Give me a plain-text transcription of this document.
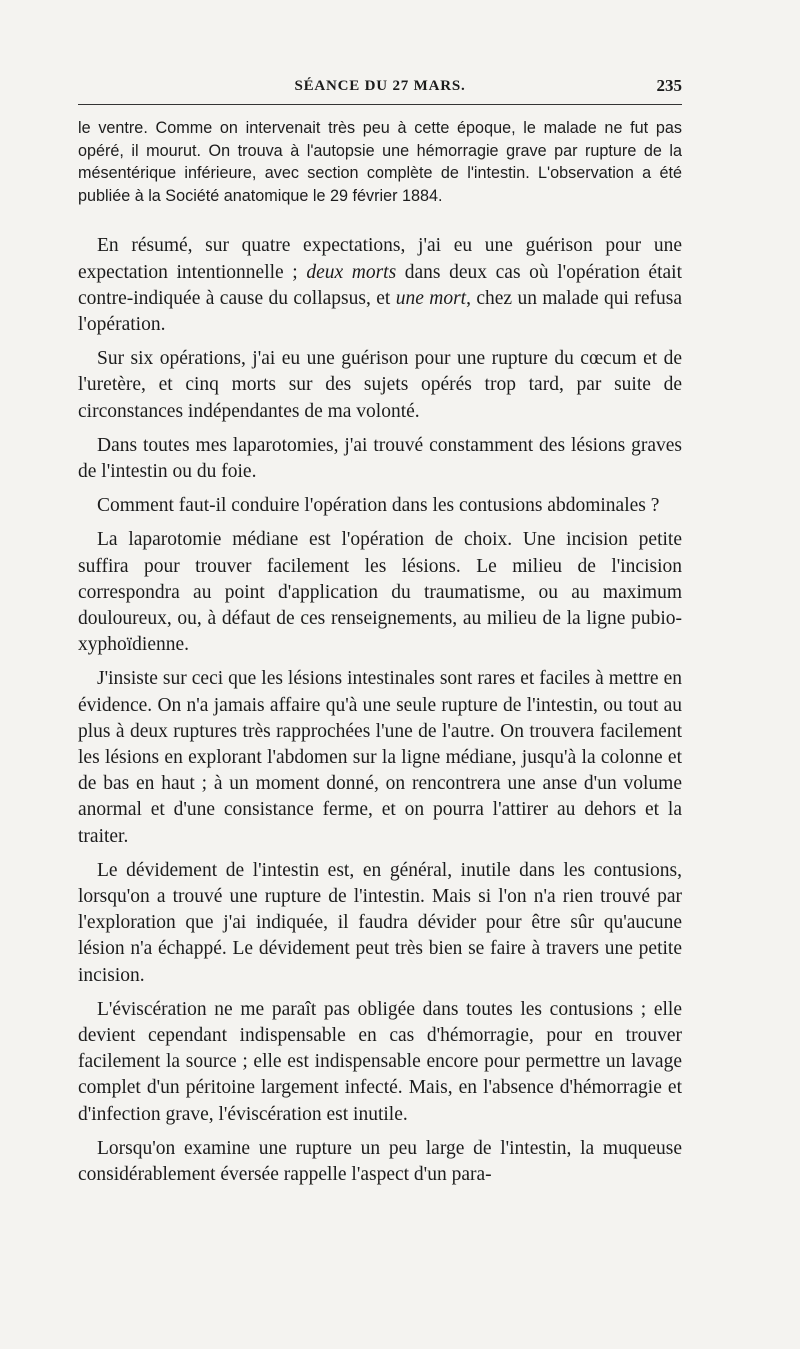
SÉANCE DU 27 MARS.	235

le ventre. Comme on intervenait très peu à cette époque, le malade ne fut pas opéré, il mourut. On trouva à l'autopsie une hémorragie grave par rupture de la mésentérique inférieure, avec section complète de l'intestin. L'observation a été publiée à la Société anatomique le 29 février 1884.

En résumé, sur quatre expectations, j'ai eu une guérison pour une expectation intentionnelle ; deux morts dans deux cas où l'opération était contre-indiquée à cause du collapsus, et une mort, chez un malade qui refusa l'opération.

Sur six opérations, j'ai eu une guérison pour une rupture du cœcum et de l'uretère, et cinq morts sur des sujets opérés trop tard, par suite de circonstances indépendantes de ma volonté.

Dans toutes mes laparotomies, j'ai trouvé constamment des lésions graves de l'intestin ou du foie.

Comment faut-il conduire l'opération dans les contusions abdominales ?

La laparotomie médiane est l'opération de choix. Une incision petite suffira pour trouver facilement les lésions. Le milieu de l'incision correspondra au point d'application du traumatisme, ou au maximum douloureux, ou, à défaut de ces renseignements, au milieu de la ligne pubio-xyphoïdienne.

J'insiste sur ceci que les lésions intestinales sont rares et faciles à mettre en évidence. On n'a jamais affaire qu'à une seule rupture de l'intestin, ou tout au plus à deux ruptures très rapprochées l'une de l'autre. On trouvera facilement les lésions en explorant l'abdomen sur la ligne médiane, jusqu'à la colonne et de bas en haut ; à un moment donné, on rencontrera une anse d'un volume anormal et d'une consistance ferme, et on pourra l'attirer au dehors et la traiter.

Le dévidement de l'intestin est, en général, inutile dans les contusions, lorsqu'on a trouvé une rupture de l'intestin. Mais si l'on n'a rien trouvé par l'exploration que j'ai indiquée, il faudra dévider pour être sûr qu'aucune lésion n'a échappé. Le dévidement peut très bien se faire à travers une petite incision.

L'éviscération ne me paraît pas obligée dans toutes les contusions ; elle devient cependant indispensable en cas d'hémorragie, pour en trouver facilement la source ; elle est indispensable encore pour permettre un lavage complet d'un péritoine largement infecté. Mais, en l'absence d'hémorragie et d'infection grave, l'éviscération est inutile.

Lorsqu'on examine une rupture un peu large de l'intestin, la muqueuse considérablement éversée rappelle l'aspect d'un para-
